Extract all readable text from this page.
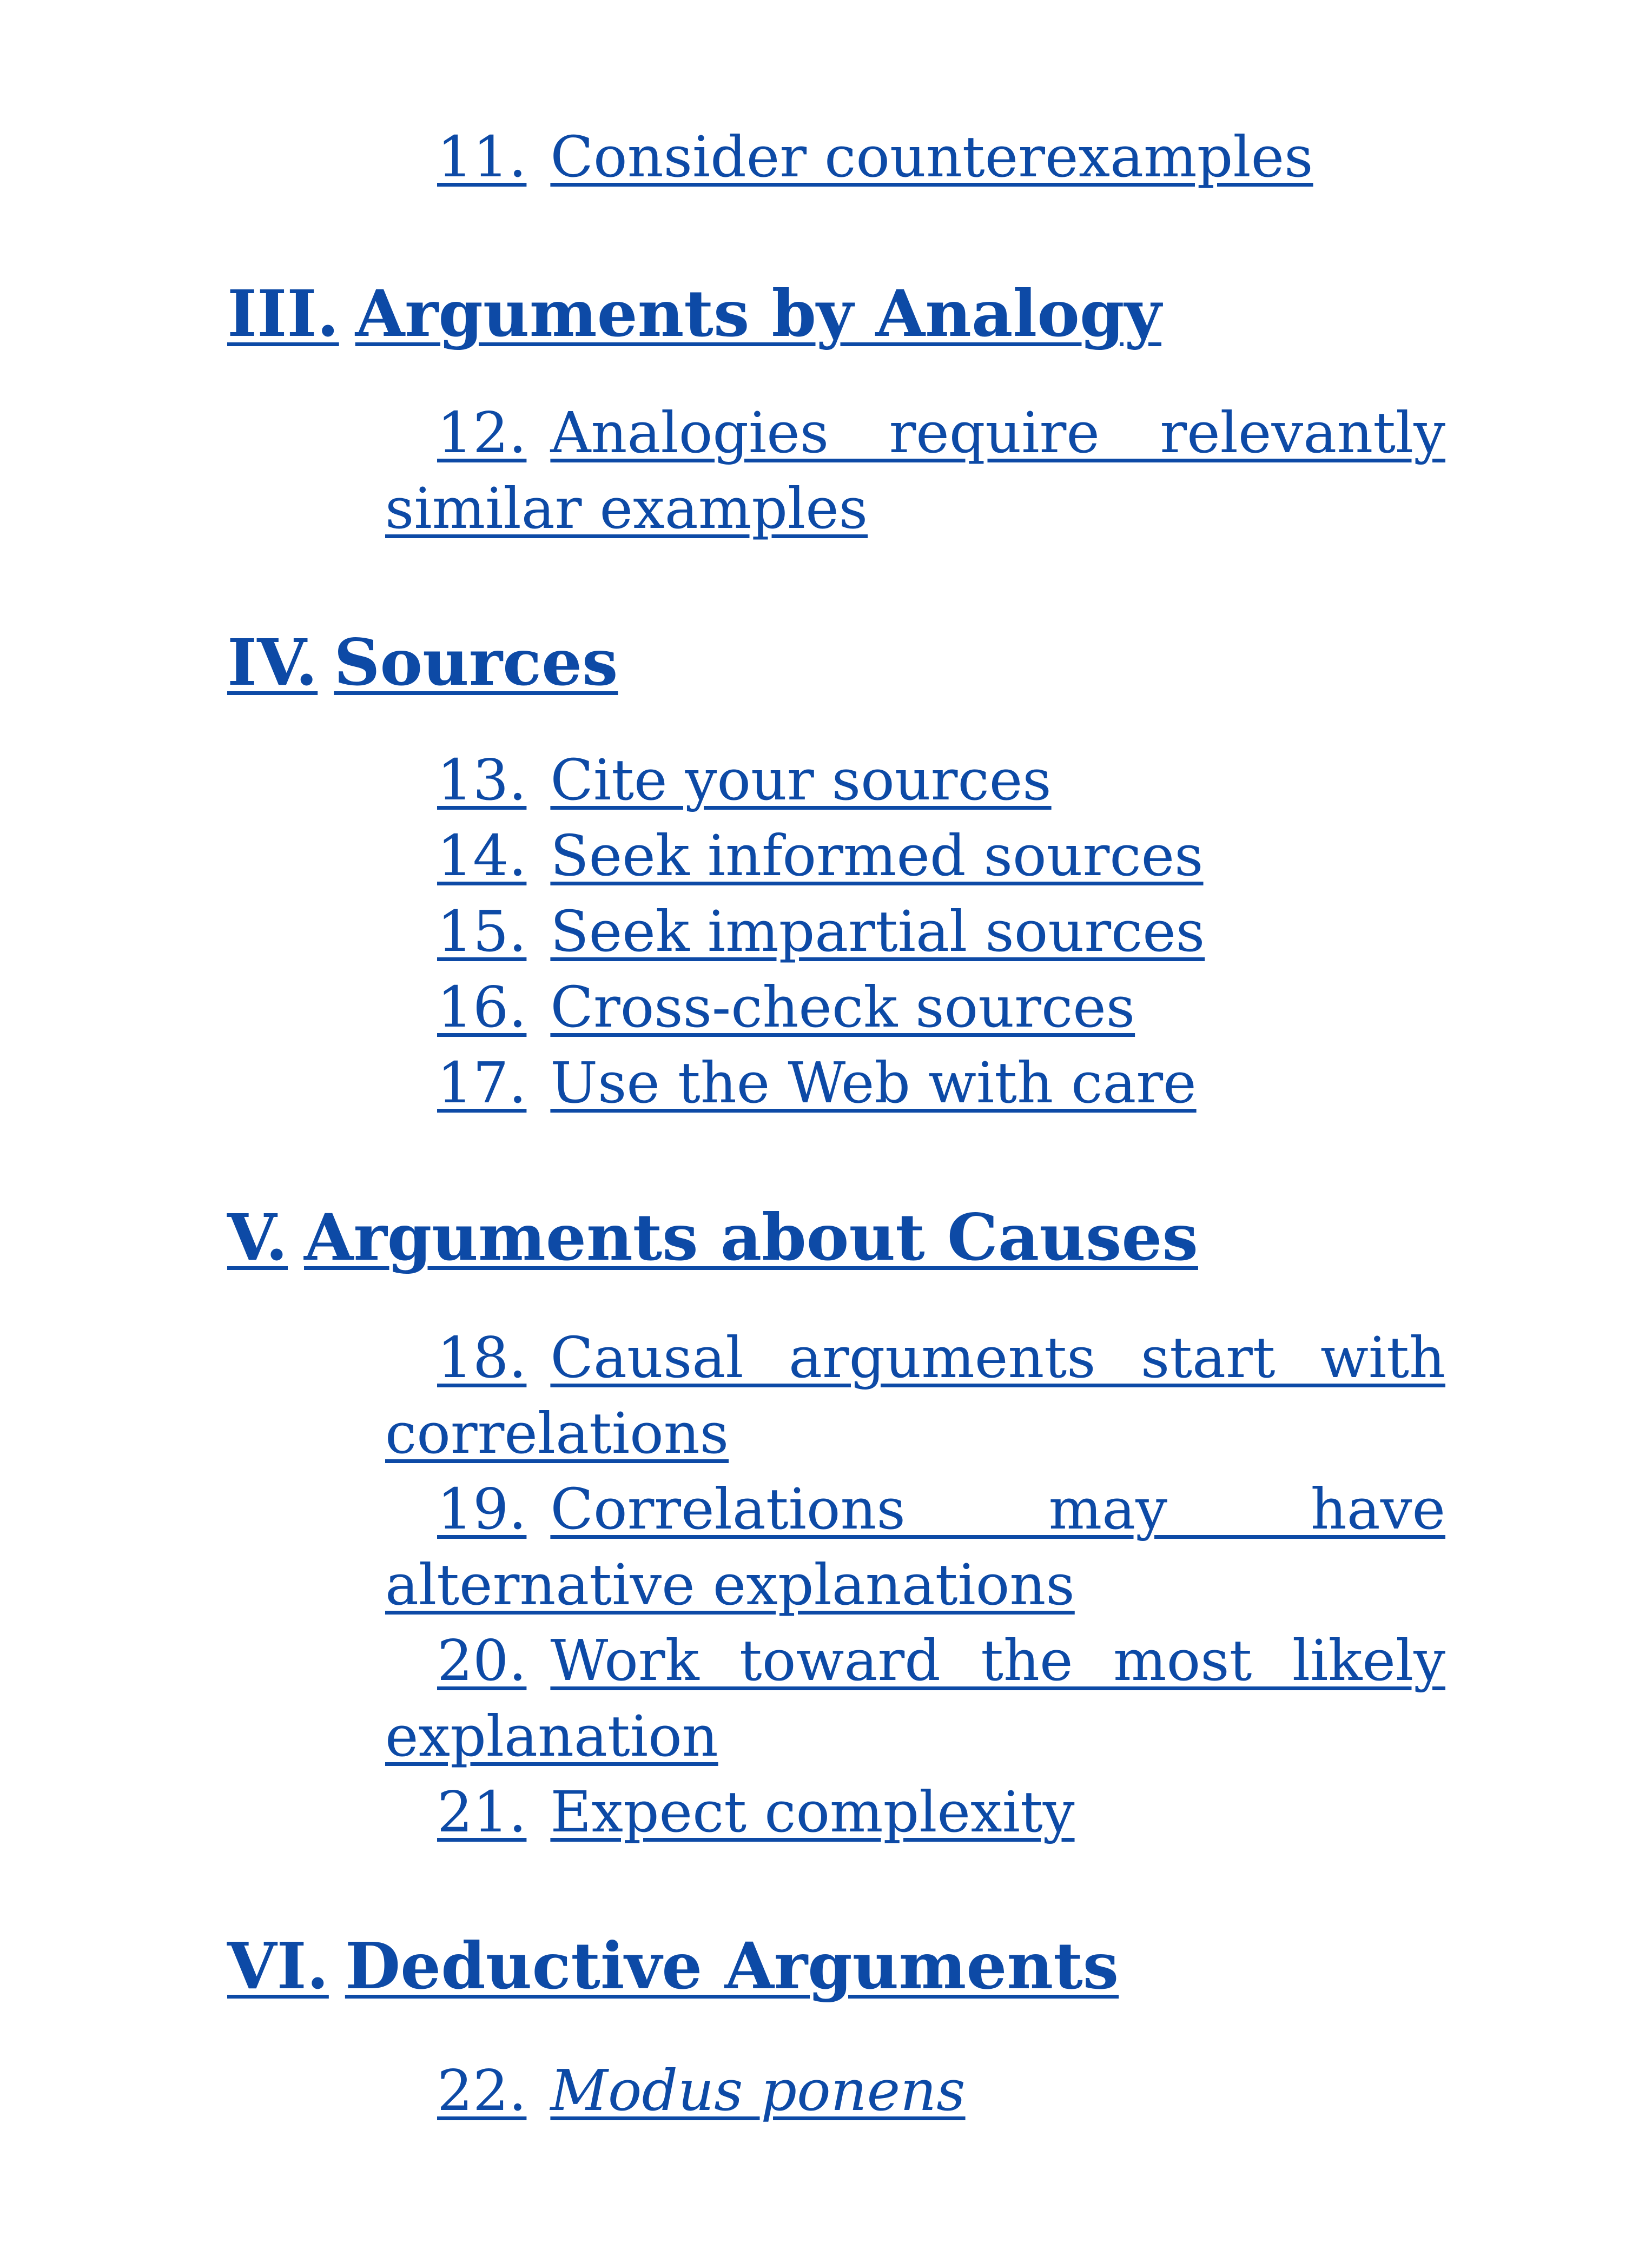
11. Consider counterexamples

III. Arguments by Analogy

12. Analogies require relevantly similar examples

IV. Sources

13. Cite your sources

14. Seek informed sources

15. Seek impartial sources

16. Cross-check sources

17. Use the Web with care

V. Arguments about Causes

18. Causal arguments start with correlations

19. Correlations may have alternative explanations

20. Work toward the most likely explanation

21. Expect complexity

VI. Deductive Arguments

22. Modus ponens
